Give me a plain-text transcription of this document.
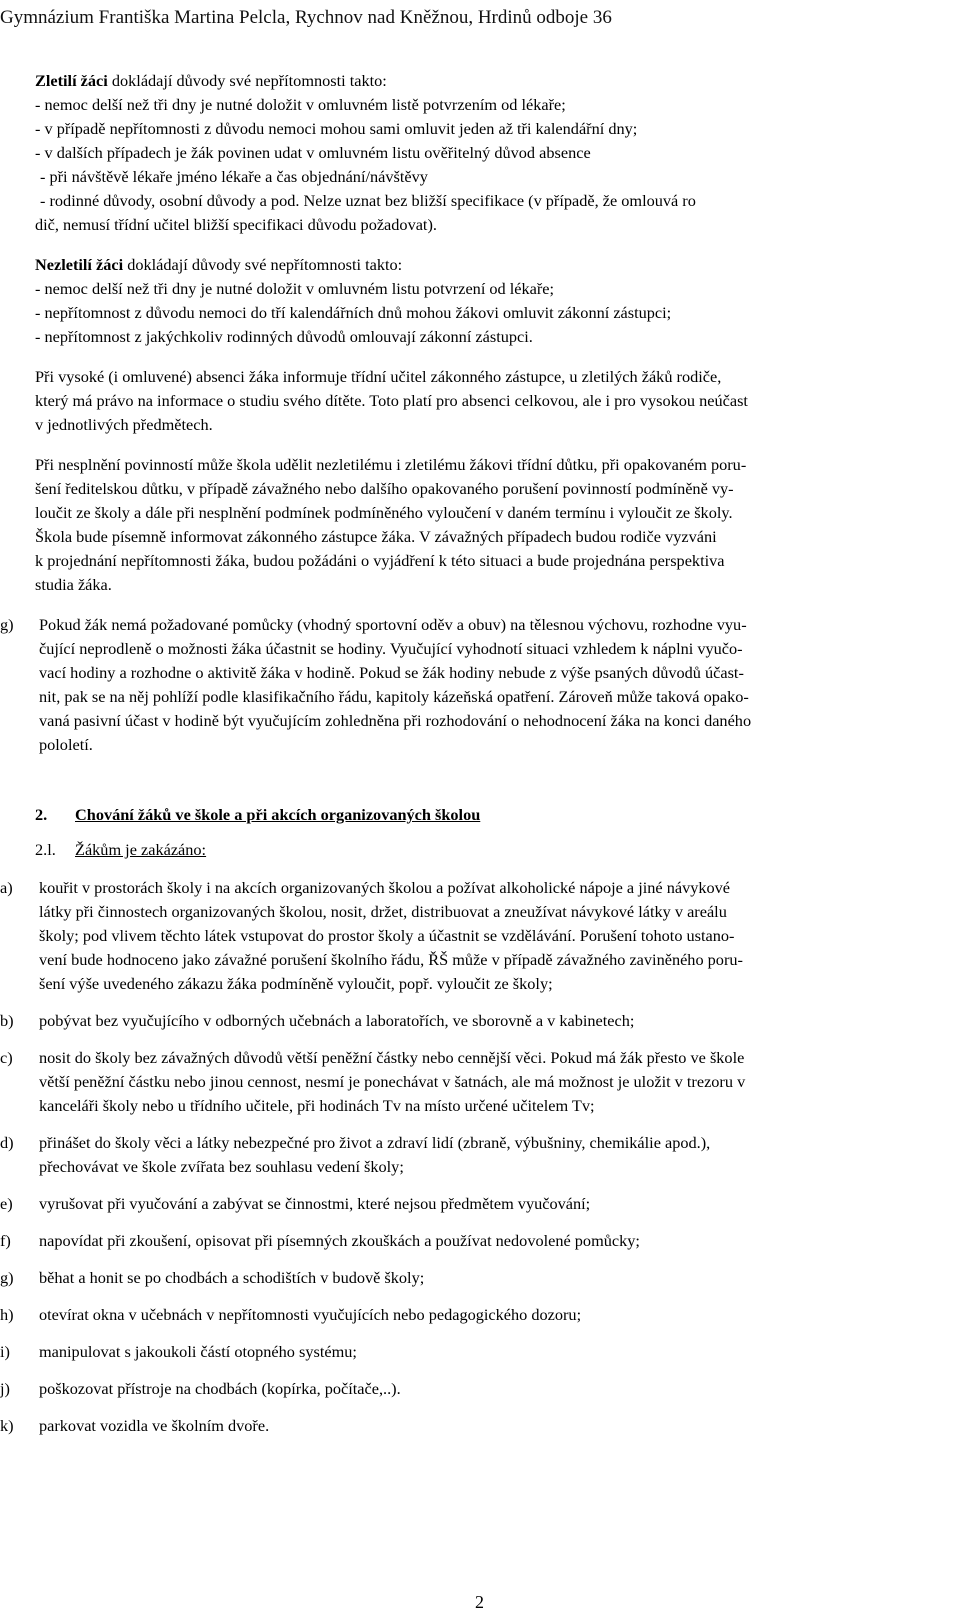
Gymnázium Františka Martina Pelcla, Rychnov nad Kněžnou, Hrdinů odboje 36
Zletilí žáci dokládají důvody své nepřítomnosti takto:
- nemoc delší než tři dny je nutné doložit v omluvném listě potvrzením od lékaře;
- v případě nepřítomnosti z důvodu nemoci mohou sami omluvit jeden až tři kalendářní dny;
- v dalších případech je žák povinen udat v omluvném listu ověřitelný důvod absence
- při návštěvě lékaře jméno lékaře a čas objednání/návštěvy
- rodinné důvody, osobní důvody a pod. Nelze uznat bez bližší specifikace (v případě, že omlouvá ro
dič, nemusí třídní učitel bližší specifikaci důvodu požadovat).
Nezletilí žáci dokládají důvody své nepřítomnosti takto:
- nemoc delší než tři dny je nutné doložit v omluvném listu potvrzení od lékaře;
- nepřítomnost z důvodu nemoci do tří kalendářních dnů mohou žákovi omluvit zákonní zástupci;
- nepřítomnost z jakýchkoliv rodinných důvodů omlouvají zákonní zástupci.
Při vysoké (i omluvené) absenci žáka informuje třídní učitel zákonného zástupce, u zletilých žáků rodiče,
který má právo na informace o studiu svého dítěte. Toto platí pro absenci celkovou, ale i pro vysokou neúčast
v jednotlivých předmětech.
Při nesplnění povinností může škola udělit nezletilému i zletilému žákovi třídní důtku, při opakovaném poru-
šení ředitelskou důtku, v případě závažného nebo dalšího opakovaného porušení povinností podmíněně vy-
loučit ze školy a dále při nesplnění podmínek podmíněného vyloučení v daném termínu i vyloučit ze školy.
Škola bude písemně informovat zákonného zástupce žáka. V závažných případech budou rodiče vyzváni
k projednání nepřítomnosti žáka, budou požádáni o vyjádření k této situaci a bude projednána perspektiva
studia žáka.
g)	Pokud žák nemá požadované pomůcky (vhodný sportovní oděv a obuv) na tělesnou výchovu, rozhodne vyu-
čující neprodleně o možnosti žáka účastnit se hodiny. Vyučující vyhodnotí situaci vzhledem k náplni vyučo-
vací hodiny a rozhodne o aktivitě žáka v hodině. Pokud se žák hodiny nebude z výše psaných důvodů účast-
nit, pak se na něj pohlíží podle klasifikačního řádu, kapitoly kázeňská opatření. Zároveň může taková opako-
vaná pasivní účast v hodině být vyučujícím zohledněna při rozhodování o nehodnocení žáka na konci daného
pololetí.
2.	Chování žáků ve škole a při akcích organizovaných školou
2.l.	Žákům je zakázáno:
a)	kouřit v prostorách školy i na akcích organizovaných školou a požívat alkoholické nápoje a jiné návykové
látky při činnostech organizovaných školou, nosit, držet, distribuovat a zneužívat návykové látky v areálu
školy; pod vlivem těchto látek vstupovat do prostor školy a účastnit se vzdělávání. Porušení tohoto ustano-
vení bude hodnoceno jako závažné porušení školního řádu, ŘŠ může v případě závažného zaviněného poru-
šení výše uvedeného zákazu žáka podmíněně vyloučit, popř. vyloučit ze školy;
b)	pobývat bez vyučujícího v odborných učebnách a laboratořích, ve sborovně a v kabinetech;
c)	nosit do školy bez závažných důvodů větší peněžní částky nebo cennější věci. Pokud má žák přesto ve škole
větší peněžní částku nebo jinou cennost, nesmí je ponechávat v šatnách, ale má možnost je uložit v trezoru v
kanceláři školy nebo u třídního učitele, při hodinách Tv na místo určené učitelem Tv;
d)	přinášet do školy věci a látky nebezpečné pro život a zdraví lidí (zbraně, výbušniny, chemikálie apod.),
přechovávat ve škole zvířata bez souhlasu vedení školy;
e)	vyrušovat při vyučování a zabývat se činnostmi, které nejsou předmětem vyučování;
f)	napovídat při zkoušení, opisovat při písemných zkouškách a používat nedovolené pomůcky;
g)	běhat a honit se po chodbách a schodištích v budově školy;
h)	otevírat okna v učebnách v nepřítomnosti vyučujících nebo pedagogického dozoru;
i)	manipulovat s jakoukoli částí otopného systému;
j)	poškozovat přístroje na chodbách (kopírka, počítače,..).
k)	parkovat vozidla ve školním dvoře.
2
